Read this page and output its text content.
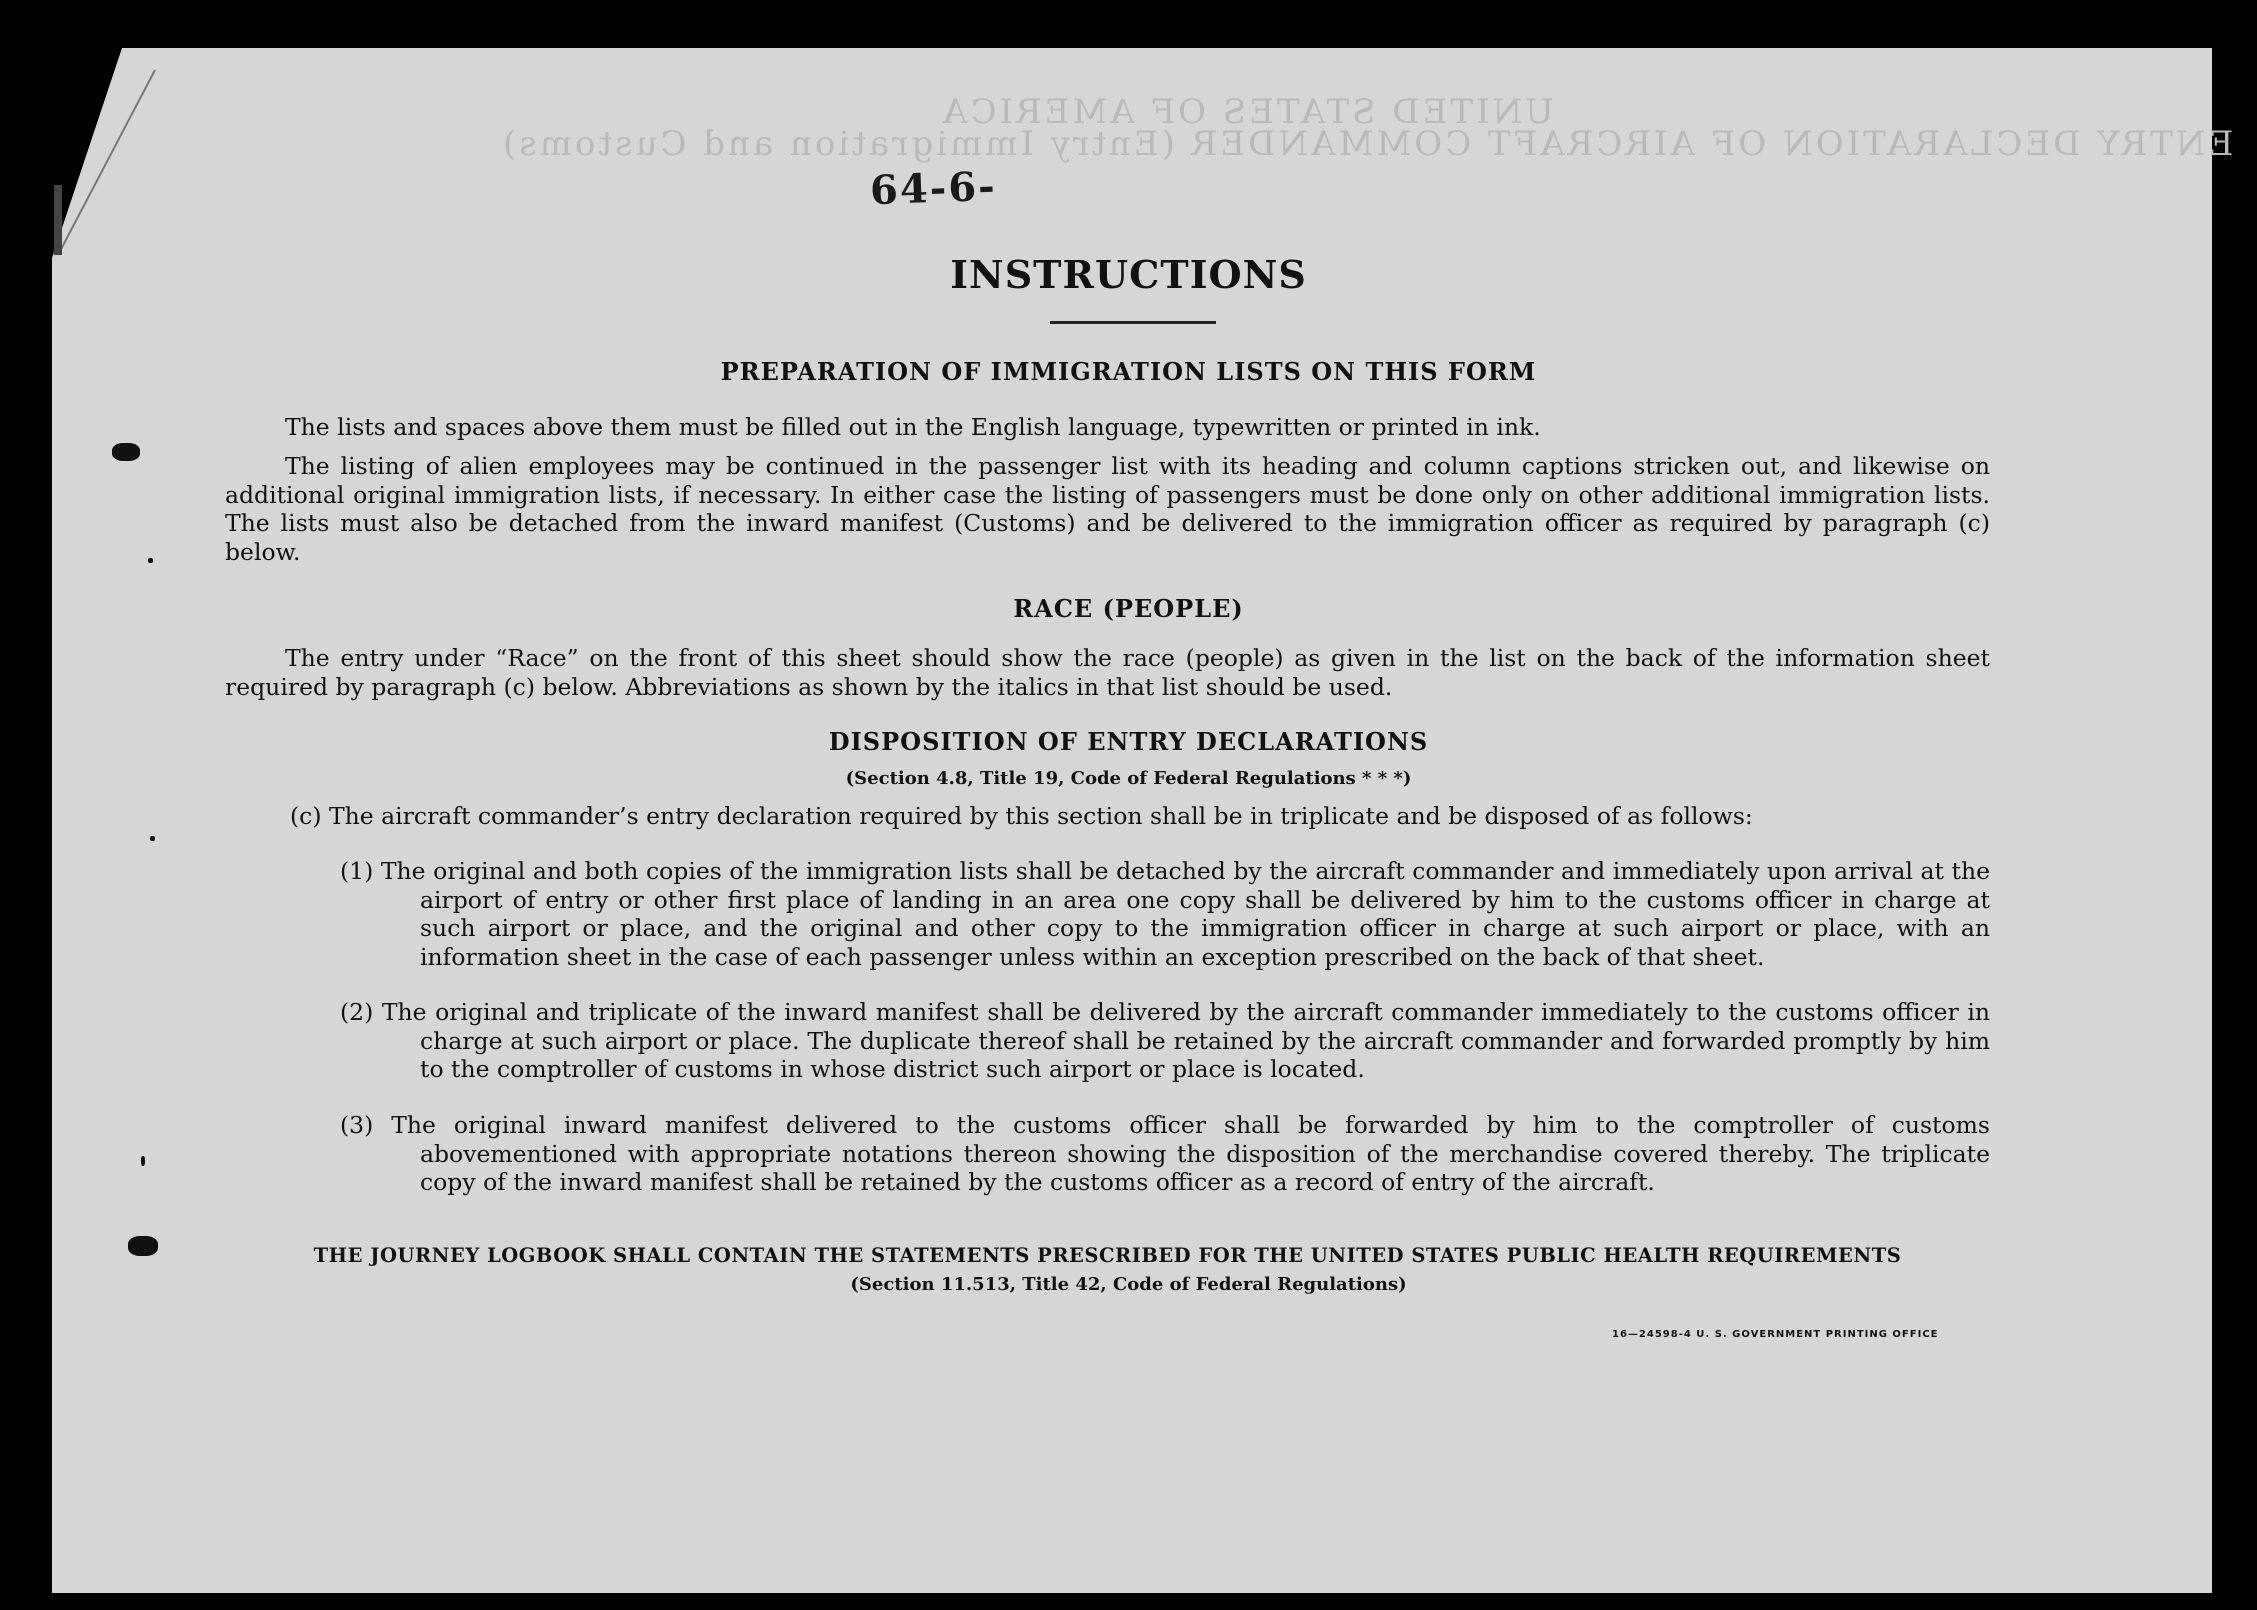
UNITED STATES OF AMERICA
ENTRY DECLARATION OF AIRCRAFT COMMANDER (Entry Immigration and Customs)
64-6-
INSTRUCTIONS
PREPARATION OF IMMIGRATION LISTS ON THIS FORM
The lists and spaces above them must be filled out in the English language, typewritten or printed in ink.
The listing of alien employees may be continued in the passenger list with its heading and column captions stricken out, and likewise on additional original immigration lists, if necessary. In either case the listing of passengers must be done only on other additional immigration lists. The lists must also be detached from the inward manifest (Customs) and be delivered to the immigration officer as required by paragraph (c) below.
RACE (PEOPLE)
The entry under “Race” on the front of this sheet should show the race (people) as given in the list on the back of the information sheet required by paragraph (c) below. Abbreviations as shown by the italics in that list should be used.
DISPOSITION OF ENTRY DECLARATIONS
(Section 4.8, Title 19, Code of Federal Regulations * * *)
(c) The aircraft commander’s entry declaration required by this section shall be in triplicate and be disposed of as follows:
(1) The original and both copies of the immigration lists shall be detached by the aircraft commander and immediately upon arrival at the airport of entry or other first place of landing in an area one copy shall be delivered by him to the customs officer in charge at such airport or place, and the original and other copy to the immigration officer in charge at such airport or place, with an information sheet in the case of each passenger unless within an exception prescribed on the back of that sheet.
(2) The original and triplicate of the inward manifest shall be delivered by the aircraft commander immediately to the customs officer in charge at such airport or place. The duplicate thereof shall be retained by the aircraft commander and forwarded promptly by him to the comptroller of customs in whose district such airport or place is located.
(3) The original inward manifest delivered to the customs officer shall be forwarded by him to the comptroller of customs abovementioned with appropriate notations thereon showing the disposition of the merchandise covered thereby. The triplicate copy of the inward manifest shall be retained by the customs officer as a record of entry of the aircraft.
THE JOURNEY LOGBOOK SHALL CONTAIN THE STATEMENTS PRESCRIBED FOR THE UNITED STATES PUBLIC HEALTH REQUIREMENTS
(Section 11.513, Title 42, Code of Federal Regulations)
16—24598-4 U. S. GOVERNMENT PRINTING OFFICE
